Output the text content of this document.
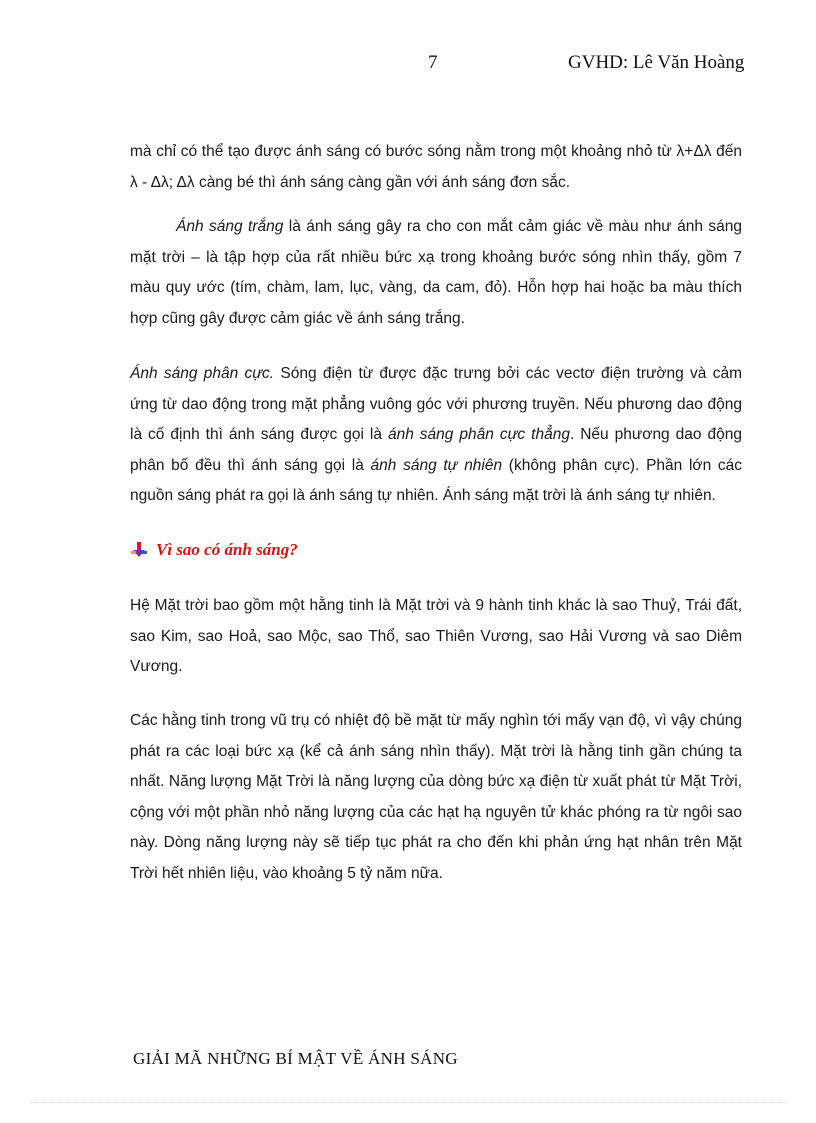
7	GVHD: Lê Văn Hoàng

mà chỉ có thể tạo được ánh sáng có bước sóng nằm trong một khoảng nhỏ từ λ+Δλ đến λ - Δλ; Δλ càng bé thì ánh sáng càng gần với ánh sáng đơn sắc.

Ánh sáng trắng là ánh sáng gây ra cho con mắt cảm giác về màu như ánh sáng mặt trời – là tập hợp của rất nhiều bức xạ trong khoảng bước sóng nhìn thấy, gồm 7 màu quy ước (tím, chàm, lam, lục, vàng, da cam, đỏ). Hỗn hợp hai hoặc ba màu thích hợp cũng gây được cảm giác về ánh sáng trắng.

Ánh sáng phân cực. Sóng điện từ được đặc trưng bởi các vectơ điện trường và cảm ứng từ dao động trong mặt phẳng vuông góc với phương truyền. Nếu phương dao động là cố định thì ánh sáng được gọi là ánh sáng phân cực thẳng. Nếu phương dao động phân bố đều thì ánh sáng gọi là ánh sáng tự nhiên (không phân cực). Phần lớn các nguồn sáng phát ra gọi là ánh sáng tự nhiên. Ánh sáng mặt trời là ánh sáng tự nhiên.

Vì sao có ánh sáng?

Hệ Mặt trời bao gồm một hằng tinh là Mặt trời và 9 hành tinh khác là sao Thuỷ, Trái đất, sao Kim, sao Hoả, sao Mộc, sao Thổ, sao Thiên Vương, sao Hải Vương và sao Diêm Vương.

Các hằng tinh trong vũ trụ có nhiệt độ bề mặt từ mấy nghìn tới mấy vạn độ, vì vậy chúng phát ra các loại bức xạ (kể cả ánh sáng nhìn thấy). Mặt trời là hằng tinh gần chúng ta nhất. Năng lượng Mặt Trời là năng lượng của dòng bức xạ điện từ xuất phát từ Mặt Trời, cộng với một phần nhỏ năng lượng của các hạt hạ nguyên tử khác phóng ra từ ngôi sao này. Dòng năng lượng này sẽ tiếp tục phát ra cho đến khi phản ứng hạt nhân trên Mặt Trời hết nhiên liệu, vào khoảng 5 tỷ năm nữa.

GIẢI MÃ NHỮNG BÍ MẬT VỀ ÁNH SÁNG
